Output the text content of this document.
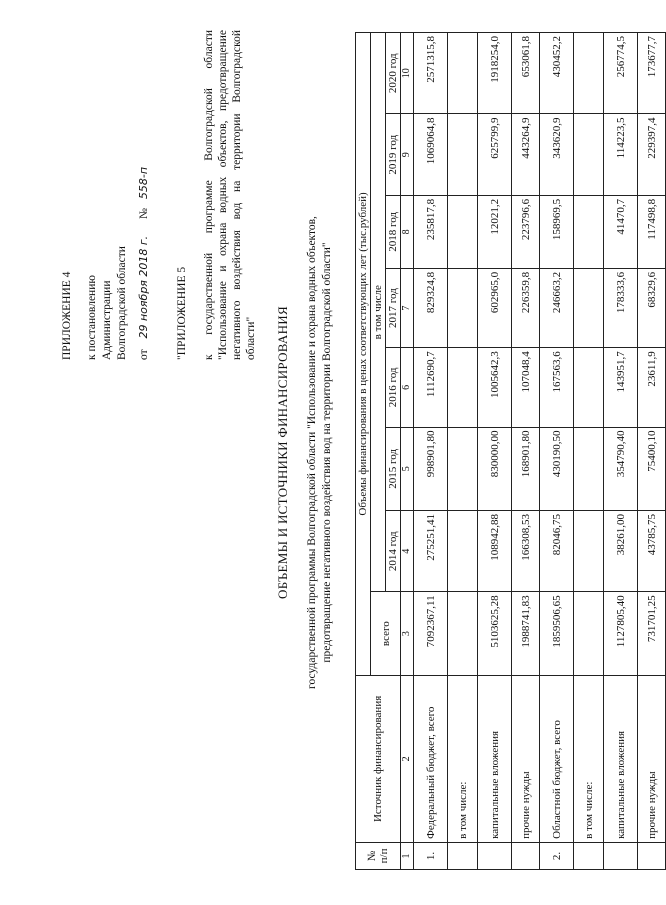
ПРИЛОЖЕНИЕ 4 к постановлению Администрации Волгоградской области от 29 ноября 2018 г. № 558-п
"ПРИЛОЖЕНИЕ 5 к государственной программе Волгоградской области "Использование и охрана водных объектов, предотвращение негативного воздействия вод на территории Волгоградской области" ОБЪЕМЫ И ИСТОЧНИКИ ФИНАНСИРОВАНИЯ государственной программы Волгоградской области "Использование и охрана водных объектов, предотвращение негативного воздействия вод на территории Волгоградской области"
№ п/п	Источник финансирования	Объемы финансирования в ценах соответствующих лет (тыс.рублей)							
		всего	в том числе						
			2014 год	2015 год	2016 год	2017 год	2018 год	2019 год	2020 год
1	2	3	4	5	6	7	8	9	10
1.	Федеральный бюджет, всего	7092367,11	275251,41	998901,80	1112690,7	829324,8	235817,8	1069064,8	2571315,8
	в том числе:								
	капитальные вложения	5103625,28	108942,88	830000,00	1005642,3	602965,0	12021,2	625799,9	1918254,0
	прочие нужды	1988741,83	166308,53	168901,80	107048,4	226359,8	223796,6	443264,9	653061,8
2.	Областной бюджет, всего	1859506,65	82046,75	430190,50	167563,6	246663,2	158969,5	343620,9	430452,2
	в том числе:								
	капитальные вложения	1127805,40	38261,00	354790,40	143951,7	178333,6	41470,7	114223,5	256774,5
	прочие нужды	731701,25	43785,75	75400,10	23611,9	68329,6	117498,8	229397,4	173677,7
